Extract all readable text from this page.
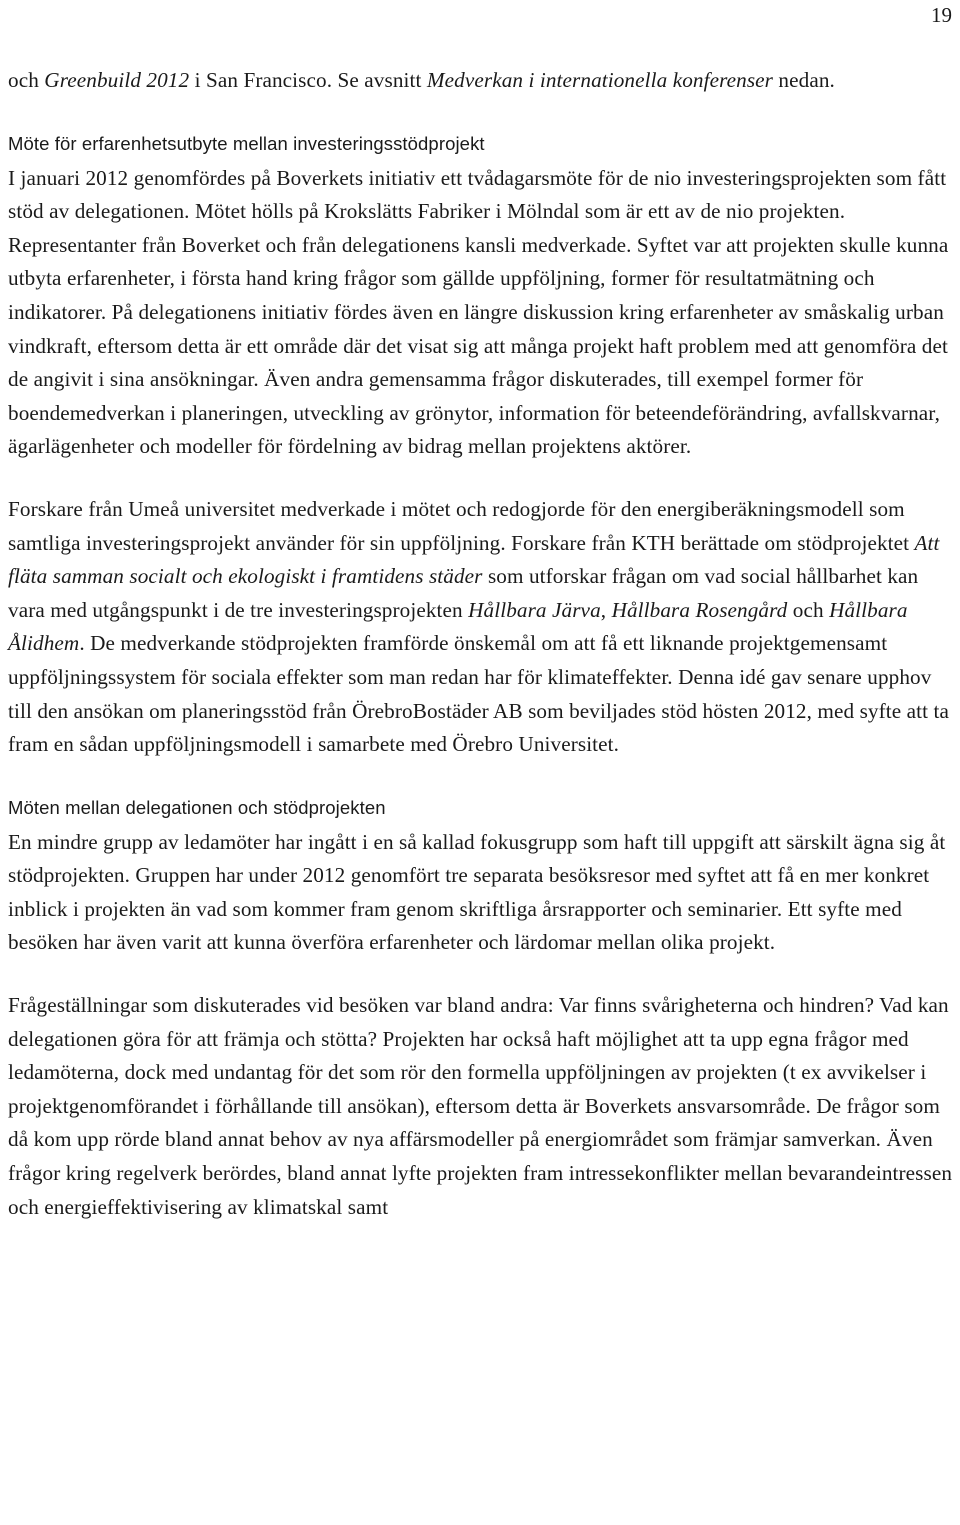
19

och Greenbuild 2012 i San Francisco. Se avsnitt Medverkan i internationella konferenser nedan.

Möte för erfarenhetsutbyte mellan investeringsstödprojekt

I januari 2012 genomfördes på Boverkets initiativ ett tvådagarsmöte för de nio investeringsprojekten som fått stöd av delegationen. Mötet hölls på Krokslätts Fabriker i Mölndal som är ett av de nio projekten. Representanter från Boverket och från delegationens kansli medverkade. Syftet var att projekten skulle kunna utbyta erfarenheter, i första hand kring frågor som gällde uppföljning, former för resultatmätning och indikatorer. På delegationens initiativ fördes även en längre diskussion kring erfarenheter av småskalig urban vindkraft, eftersom detta är ett område där det visat sig att många projekt haft problem med att genomföra det de angivit i sina ansökningar. Även andra gemensamma frågor diskuterades, till exempel former för boendemedverkan i planeringen, utveckling av grönytor, information för beteendeförändring, avfallskvarnar, ägarlägenheter och modeller för fördelning av bidrag mellan projektens aktörer.

Forskare från Umeå universitet medverkade i mötet och redogjorde för den energiberäkningsmodell som samtliga investeringsprojekt använder för sin uppföljning. Forskare från KTH berättade om stödprojektet Att fläta samman socialt och ekologiskt i framtidens städer som utforskar frågan om vad social hållbarhet kan vara med utgångspunkt i de tre investeringsprojekten Hållbara Järva, Hållbara Rosengård och Hållbara Ålidhem. De medverkande stödprojekten framförde önskemål om att få ett liknande projektgemensamt uppföljningssystem för sociala effekter som man redan har för klimateffekter. Denna idé gav senare upphov till den ansökan om planeringsstöd från ÖrebroBostäder AB som beviljades stöd hösten 2012, med syfte att ta fram en sådan uppföljningsmodell i samarbete med Örebro Universitet.

Möten mellan delegationen och stödprojekten

En mindre grupp av ledamöter har ingått i en så kallad fokusgrupp som haft till uppgift att särskilt ägna sig åt stödprojekten. Gruppen har under 2012 genomfört tre separata besöksresor med syftet att få en mer konkret inblick i projekten än vad som kommer fram genom skriftliga årsrapporter och seminarier. Ett syfte med besöken har även varit att kunna överföra erfarenheter och lärdomar mellan olika projekt.

Frågeställningar som diskuterades vid besöken var bland andra: Var finns svårigheterna och hindren? Vad kan delegationen göra för att främja och stötta? Projekten har också haft möjlighet att ta upp egna frågor med ledamöterna, dock med undantag för det som rör den formella uppföljningen av projekten (t ex avvikelser i projektgenomförandet i förhållande till ansökan), eftersom detta är Boverkets ansvarsområde. De frågor som då kom upp rörde bland annat behov av nya affärsmodeller på energiområdet som främjar samverkan. Även frågor kring regelverk berördes, bland annat lyfte projekten fram intressekonflikter mellan bevarandeintressen och energieffektivisering av klimatskal samt
